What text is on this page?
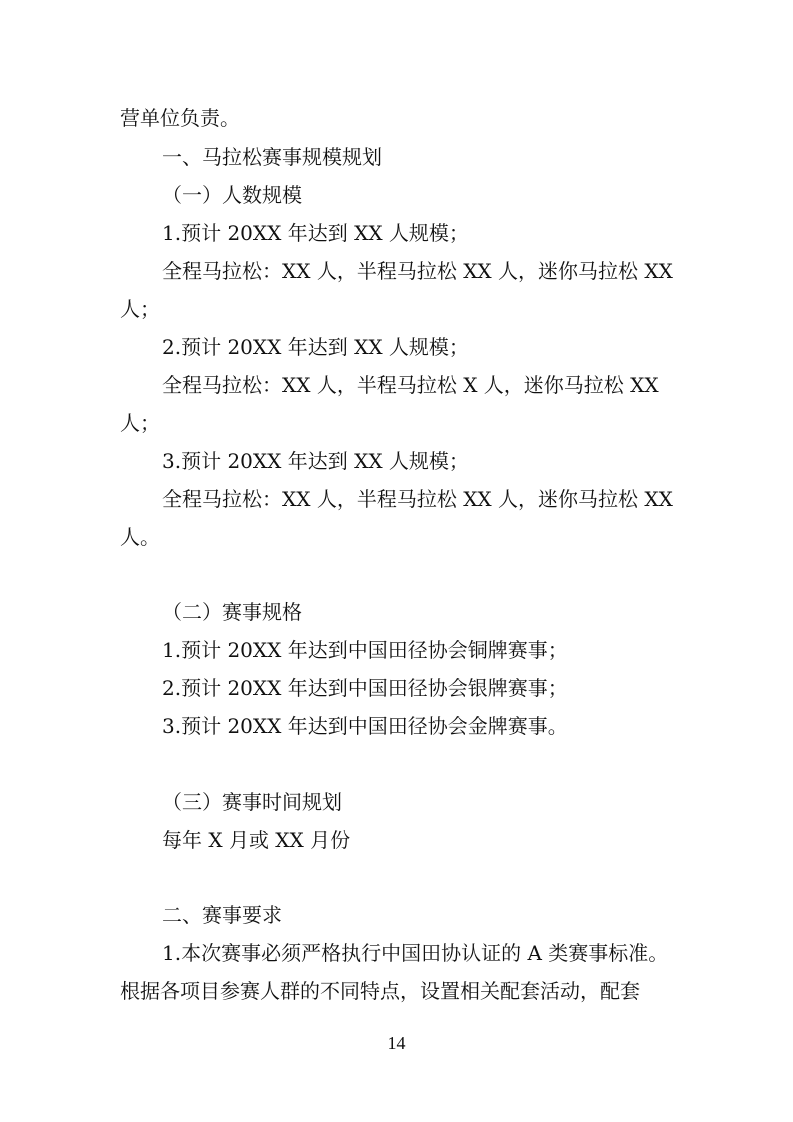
营单位负责。
一、马拉松赛事规模规划
（一）人数规模
1.预计 20XX 年达到 XX 人规模；
全程马拉松：XX 人，半程马拉松 XX 人，迷你马拉松 XX
人；
2.预计 20XX 年达到 XX 人规模；
全程马拉松：XX 人，半程马拉松 X 人，迷你马拉松 XX
人；
3.预计 20XX 年达到 XX 人规模；
全程马拉松：XX 人，半程马拉松 XX 人，迷你马拉松 XX
人。
（二）赛事规格
1.预计 20XX 年达到中国田径协会铜牌赛事；
2.预计 20XX 年达到中国田径协会银牌赛事；
3.预计 20XX 年达到中国田径协会金牌赛事。
（三）赛事时间规划
每年 X 月或 XX 月份
二、赛事要求
1.本次赛事必须严格执行中国田协认证的 A 类赛事标准。
根据各项目参赛人群的不同特点，设置相关配套活动，配套
14
